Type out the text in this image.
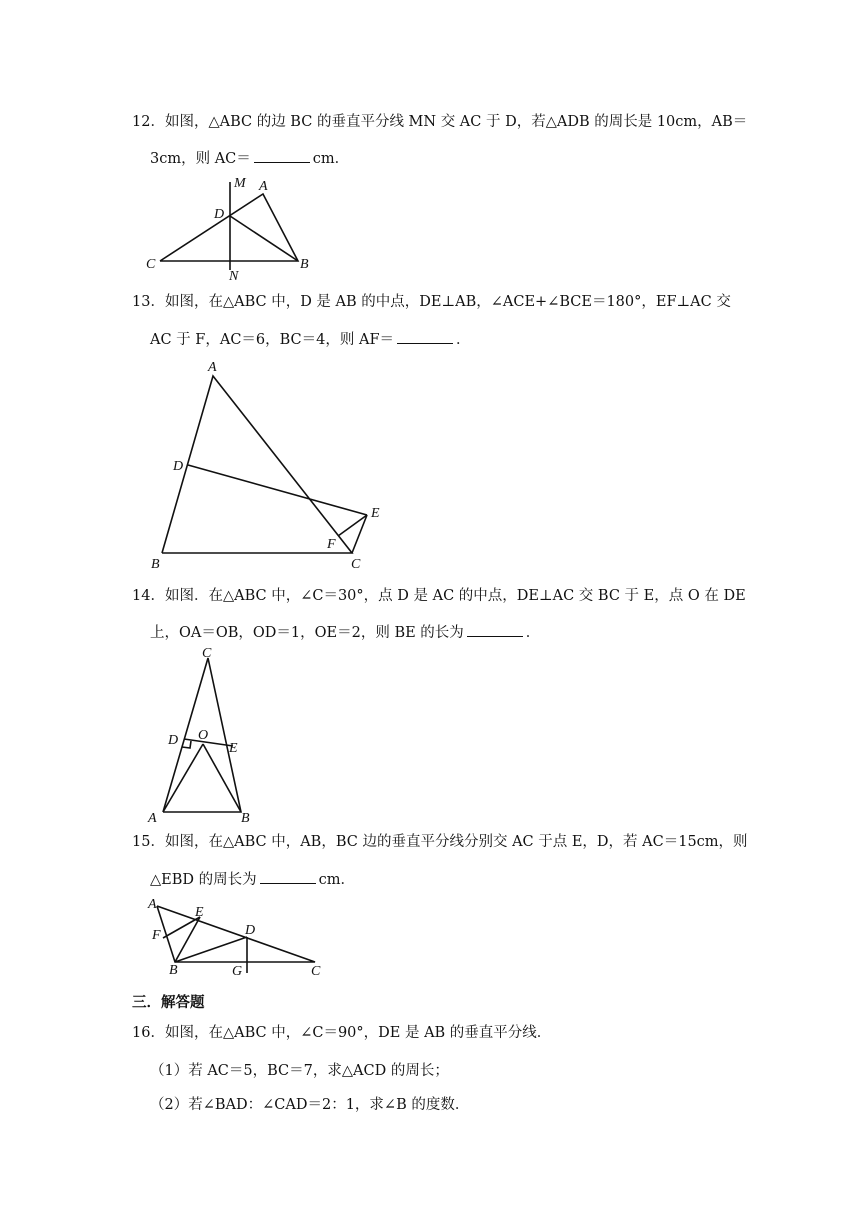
12．如图，△ABC 的边 BC 的垂直平分线 MN 交 AC 于 D，若△ADB 的周长是 10cm，AB＝
3cm，则 AC＝	cm．
M A
D
C
N
B
13．如图，在△ABC 中，D 是 AB 的中点，DE⊥AB，∠ACE+∠BCE＝180°，EF⊥AC 交
AC 于 F，AC＝6，BC＝4，则 AF＝	．
A
D
E
F
B	C
14．如图．在△ABC 中，∠C＝30°，点 D 是 AC 的中点，DE⊥AC 交 BC 于 E，点 O 在 DE
上，OA＝OB，OD＝1，OE＝2，则 BE 的长为	．
C
D O
E
A	B
15．如图，在△ABC 中，AB，BC 边的垂直平分线分别交 AC 于点 E，D，若 AC＝15cm，则
△EBD 的周长为	cm．
A
E
D
F
B	G	C
三．解答题
16．如图，在△ABC 中，∠C＝90°，DE 是 AB 的垂直平分线．
（1）若 AC＝5，BC＝7，求△ACD 的周长；
（2）若∠BAD：∠CAD＝2：1，求∠B 的度数．
